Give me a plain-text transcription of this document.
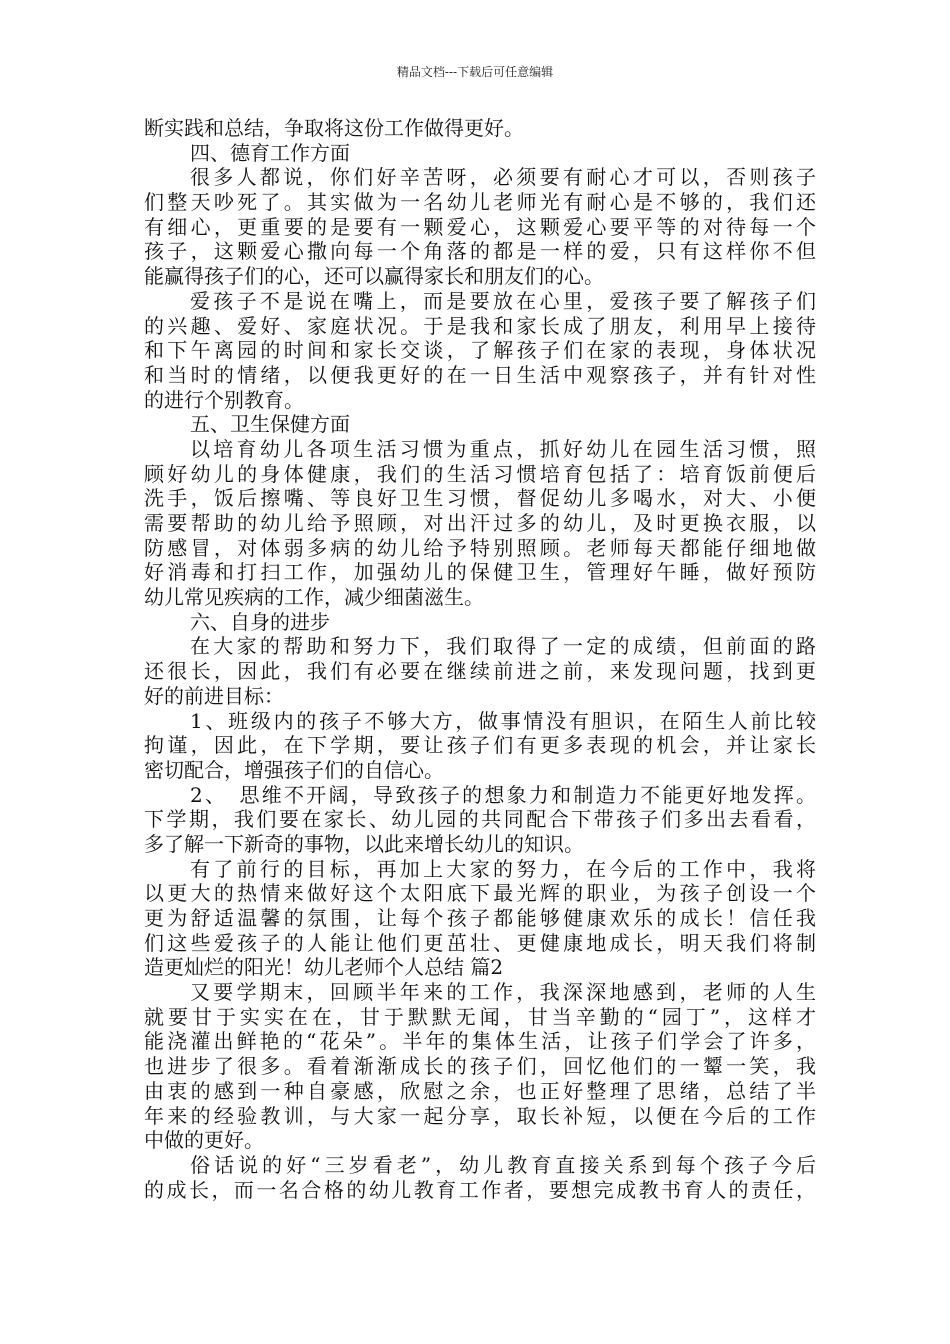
精品文档---下载后可任意编辑
断实践和总结，争取将这份工作做得更好。
四、德育工作方面
很多人都说，你们好辛苦呀，必须要有耐心才可以，否则孩子
们整天吵死了。其实做为一名幼儿老师光有耐心是不够的，我们还
有细心，更重要的是要有一颗爱心，这颗爱心要平等的对待每一个
孩子，这颗爱心撒向每一个角落的都是一样的爱，只有这样你不但
能赢得孩子们的心，还可以赢得家长和朋友们的心。
爱孩子不是说在嘴上，而是要放在心里，爱孩子要了解孩子们
的兴趣、爱好、家庭状况。于是我和家长成了朋友，利用早上接待
和下午离园的时间和家长交谈，了解孩子们在家的表现，身体状况
和当时的情绪，以便我更好的在一日生活中观察孩子，并有针对性
的进行个别教育。
五、卫生保健方面
以培育幼儿各项生活习惯为重点，抓好幼儿在园生活习惯，照
顾好幼儿的身体健康，我们的生活习惯培育包括了：培育饭前便后
洗手，饭后擦嘴、等良好卫生习惯，督促幼儿多喝水，对大、小便
需要帮助的幼儿给予照顾，对出汗过多的幼儿，及时更换衣服，以
防感冒，对体弱多病的幼儿给予特别照顾。老师每天都能仔细地做
好消毒和打扫工作，加强幼儿的保健卫生，管理好午睡，做好预防
幼儿常见疾病的工作，减少细菌滋生。
六、自身的进步
在大家的帮助和努力下，我们取得了一定的成绩，但前面的路
还很长，因此，我们有必要在继续前进之前，来发现问题，找到更
好的前进目标：
1、班级内的孩子不够大方，做事情没有胆识，在陌生人前比较
拘谨，因此，在下学期，要让孩子们有更多表现的机会，并让家长
密切配合，增强孩子们的自信心。
2、　思维不开阔，导致孩子的想象力和制造力不能更好地发挥。
下学期，我们要在家长、幼儿园的共同配合下带孩子们多出去看看，
多了解一下新奇的事物，以此来增长幼儿的知识。
有了前行的目标，再加上大家的努力，在今后的工作中，我将
以更大的热情来做好这个太阳底下最光辉的职业，为孩子创设一个
更为舒适温馨的氛围，让每个孩子都能够健康欢乐的成长！信任我
们这些爱孩子的人能让他们更茁壮、更健康地成长，明天我们将制
造更灿烂的阳光！幼儿老师个人总结 篇2
又要学期末，回顾半年来的工作，我深深地感到，老师的人生
就要甘于实实在在，甘于默默无闻，甘当辛勤的“园丁”，这样才
能浇灌出鲜艳的“花朵”。半年的集体生活，让孩子们学会了许多，
也进步了很多。看着渐渐成长的孩子们，回忆他们的一颦一笑，我
由衷的感到一种自豪感，欣慰之余，也正好整理了思绪，总结了半
年来的经验教训，与大家一起分享，取长补短，以便在今后的工作
中做的更好。
俗话说的好“三岁看老”，幼儿教育直接关系到每个孩子今后
的成长，而一名合格的幼儿教育工作者，要想完成教书育人的责任，
